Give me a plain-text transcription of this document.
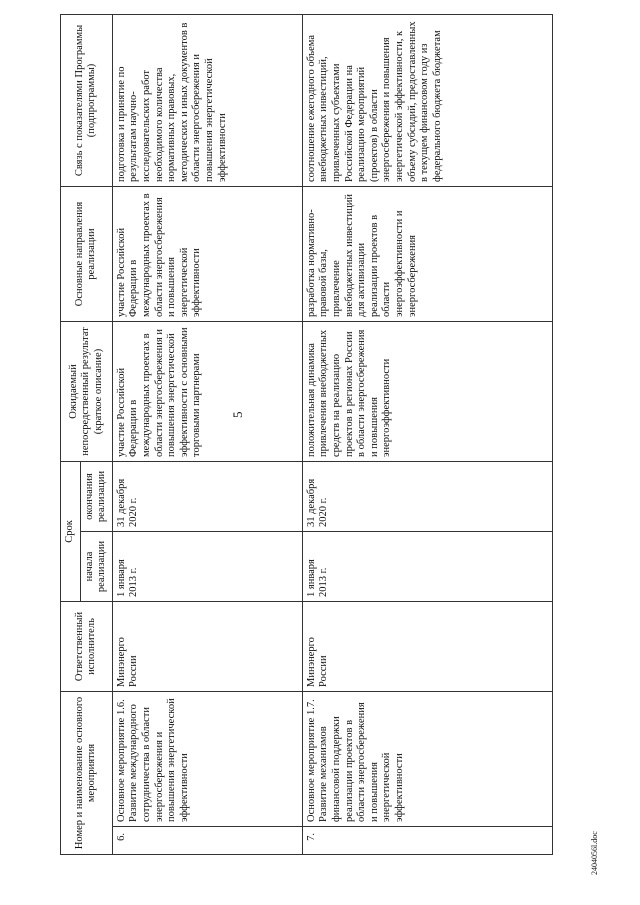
5
2404056l.doc
Номер и наименование основного мероприятия		Ответственный исполнитель	Срок		Ожидаемый непосредственный результат (краткое описание)	Основные направления реализации	Связь с показателями Программы (подпрограммы)
			начала реализации	окончания реализации			
6.	Основное мероприятие 1.6. Развитие международного сотрудничества в области энергосбережения и повышения энергетической эффективности	Минэнерго России	1 января 2013 г.	31 декабря 2020 г.	участие Российской Федерации в международных проектах в области энергосбережения и повышения энергетической эффективности с основными торговыми партнерами	участие Российской Федерации в международных проектах в области энергосбережения и повышения энергетической эффективности	подготовка и принятие по результатам научно-исследовательских работ необходимого количества нормативных правовых, методических и иных документов в области энергосбережения и повышения энергетической эффективности
7.	Основное мероприятие 1.7. Развитие механизмов финансовой поддержки реализации проектов в области энергосбережения и повышения энергетической эффективности	Минэнерго России	1 января 2013 г.	31 декабря 2020 г.	положительная динамика привлечения внебюджетных средств на реализацию проектов в регионах России в области энергосбережения и повышения энергоэффективности	разработка нормативно-правовой базы, привлечение внебюджетных инвестиций для активизации реализации проектов в области энергоэффективности и энергосбережения	соотношение ежегодного объема внебюджетных инвестиций, привлеченных субъектами Российской Федерации на реализацию мероприятий (проектов) в области энергосбережения и повышения энергетической эффективности, к объему субсидий, предоставленных в текущем финансовом году из федерального бюджета бюджетам
